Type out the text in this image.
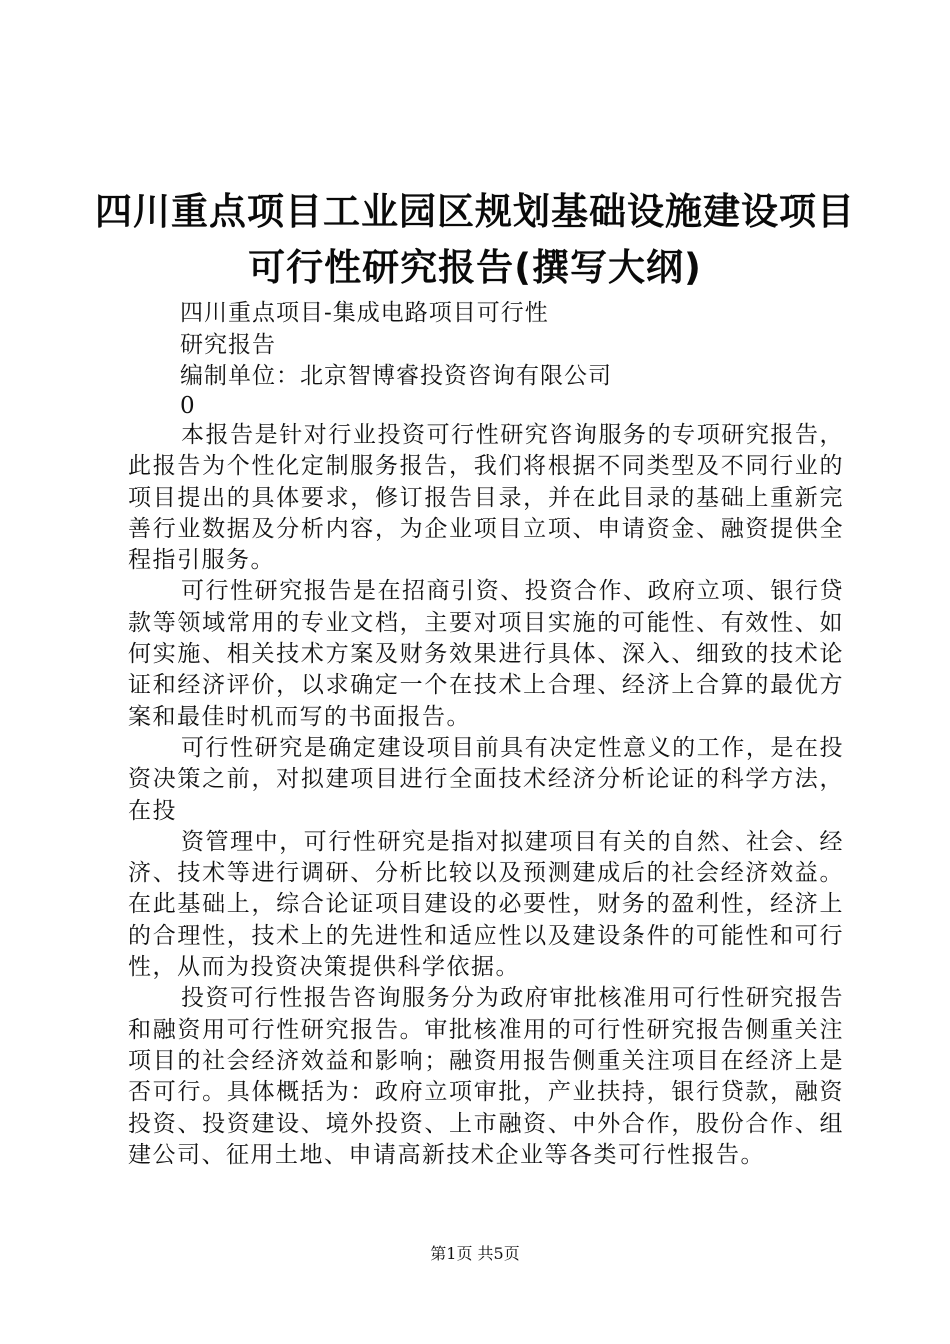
四川重点项目工业园区规划基础设施建设项目
可行性研究报告(撰写大纲)
四川重点项目-集成电路项目可行性
研究报告
编制单位：北京智博睿投资咨询有限公司
0

本报告是针对行业投资可行性研究咨询服务的专项研究报告，此报告为个性化定制服务报告，我们将根据不同类型及不同行业的项目提出的具体要求，修订报告目录，并在此目录的基础上重新完善行业数据及分析内容，为企业项目立项、申请资金、融资提供全程指引服务。

可行性研究报告是在招商引资、投资合作、政府立项、银行贷款等领域常用的专业文档，主要对项目实施的可能性、有效性、如何实施、相关技术方案及财务效果进行具体、深入、细致的技术论证和经济评价，以求确定一个在技术上合理、经济上合算的最优方案和最佳时机而写的书面报告。

可行性研究是确定建设项目前具有决定性意义的工作，是在投资决策之前，对拟建项目进行全面技术经济分析论证的科学方法，在投

资管理中，可行性研究是指对拟建项目有关的自然、社会、经济、技术等进行调研、分析比较以及预测建成后的社会经济效益。在此基础上，综合论证项目建设的必要性，财务的盈利性，经济上的合理性，技术上的先进性和适应性以及建设条件的可能性和可行性，从而为投资决策提供科学依据。

投资可行性报告咨询服务分为政府审批核准用可行性研究报告和融资用可行性研究报告。审批核准用的可行性研究报告侧重关注项目的社会经济效益和影响；融资用报告侧重关注项目在经济上是否可行。具体概括为：政府立项审批，产业扶持，银行贷款，融资投资、投资建设、境外投资、上市融资、中外合作，股份合作、组建公司、征用土地、申请高新技术企业等各类可行性报告。

第1页 共5页
